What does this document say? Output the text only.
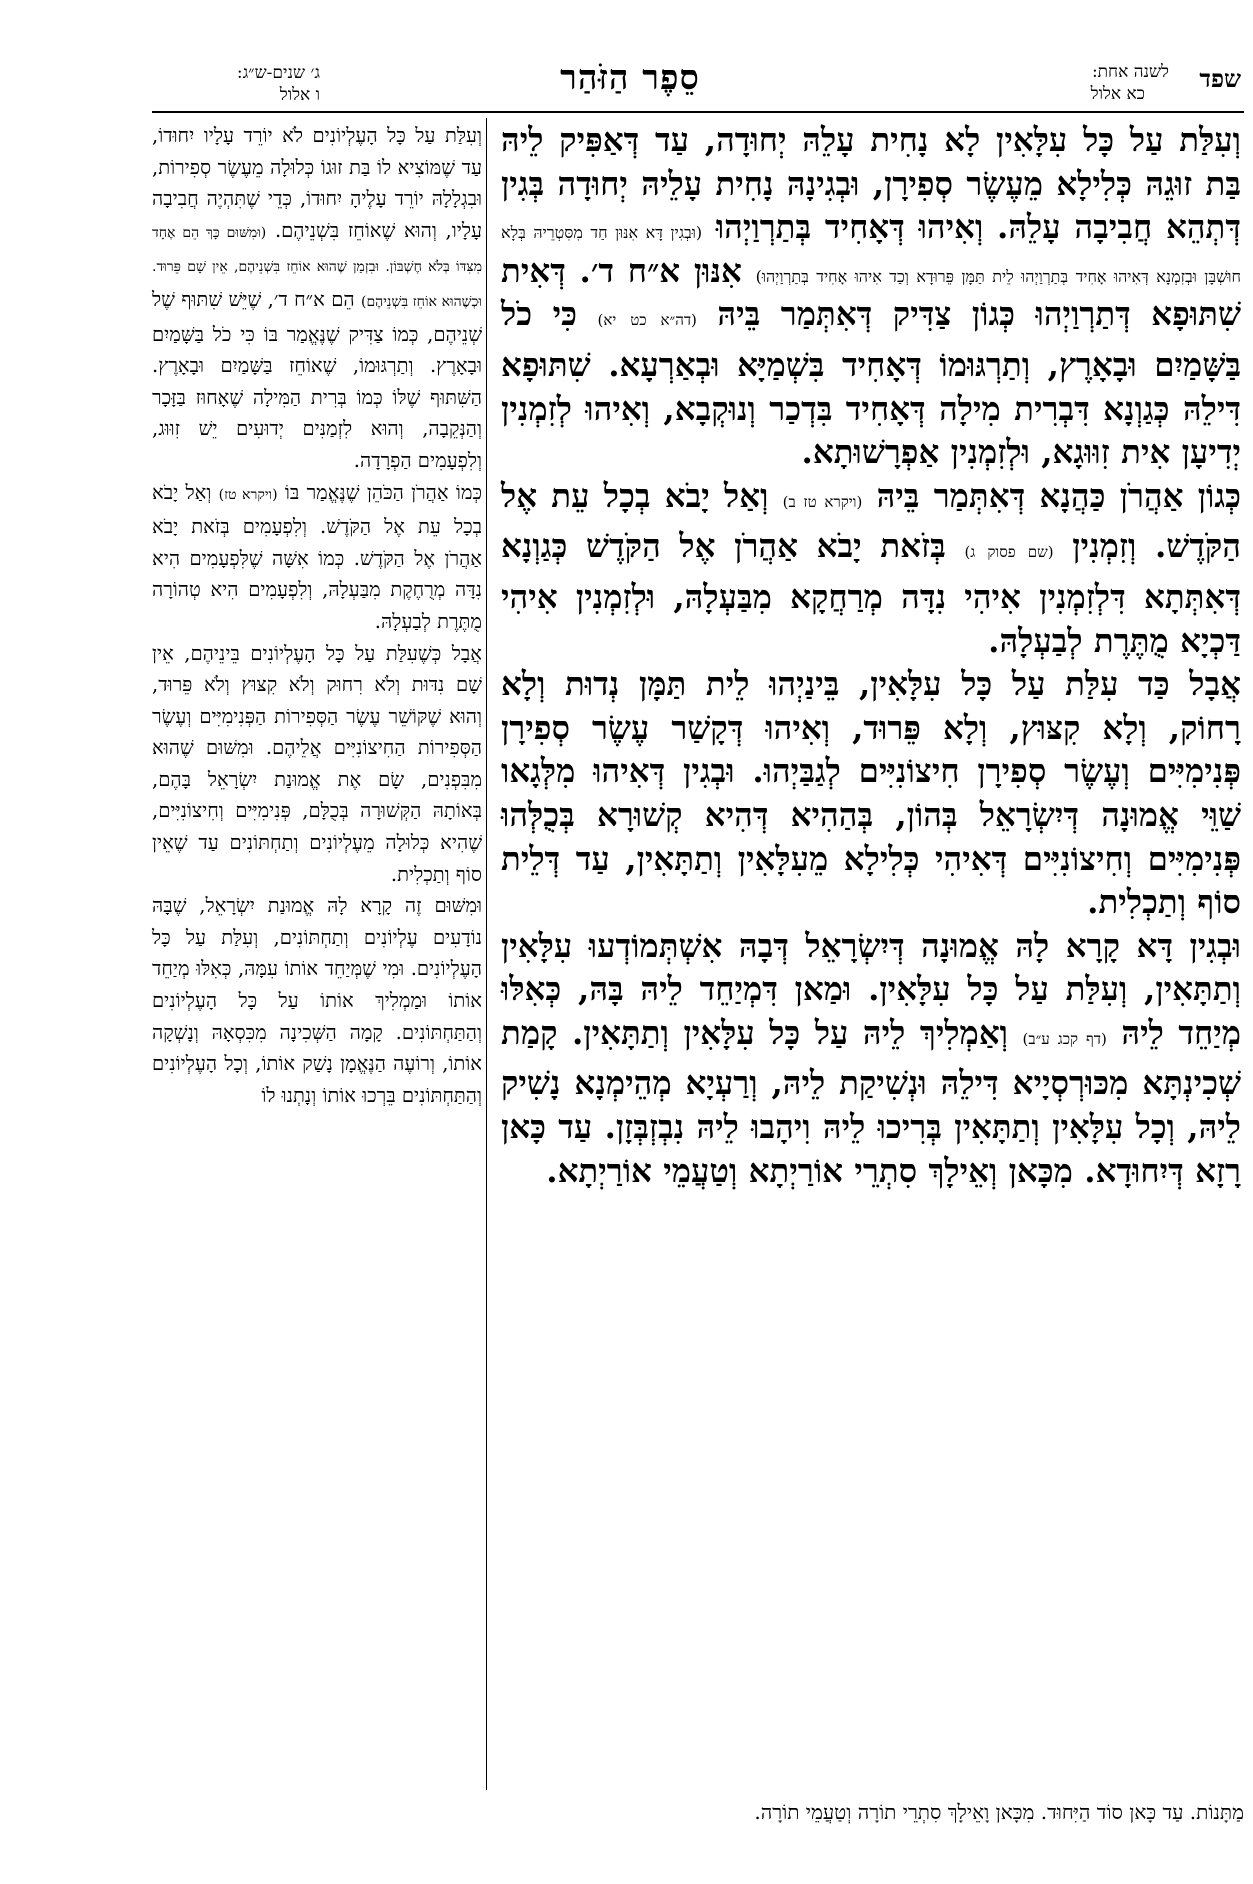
שפד
לשנה אחת:
כא אלול
סֵפֶר הַזֹּהַר
ג׳ שנים-ש״ג:
ו אלול

וְעִלַּת עַל כָּל עִלָּאִין לָא נָחִית עָלֵהּ יְחוּדָה, עַד דְּאַפִּיק לֵיהּ בַּת זוּגֵהּ כְּלִילָא מֵעֶשֶׂר סְפִירָן, וּבְגִינָהּ נָחִית עָלֵיהּ יְחוּדָה בְּגִין דְּתְהֵא חֲבִיבָה עָלֵהּ. וְאִיהוּ דְּאָחִיד בְּתַרְוַיְהוּ (וּבְגִין דָּא אִנּוּן חַד מִסִּטְרֵיהּ בְּלָא חוּשְׁבָּן וּבְזִמְנָא דְּאִיהוּ אָחִיד בְּתַרְוַיְהוּ לֵית תַּמָּן פֵּרוּדָא וְכַד אִיהוּ אָחִיד בְּתַרְוַיְהוּ) אִנּוּן א״ח ד׳. דְּאִית שִׁתּוּפָא דְּתַרְוַיְהוּ כְּגוֹן צַדִּיק דְּאִתְּמַר בֵּיהּ (דה״א כט יא) כִּי כֹל בַּשָּׁמַיִם וּבָאָרֶץ, וְתַרְגּוּמוֹ דְּאָחִיד בִּשְׁמַיָּא וּבְאַרְעָא. שִׁתּוּפָא דִּילֵהּ כְּגַוְנָא דִּבְרִית מִילָה דְּאָחִיד בִּדְכַר וְנוּקְבָא, וְאִיהוּ לְזִמְנִין יְדִיעָן אִית זִוּוּגָא, וּלְזִמְנִין אַפְרָשׁוּתָא.

כְּגוֹן אַהֲרֹן כַּהֲנָא דְּאִתְּמַר בֵּיהּ (ויקרא טז ב) וְאַל יָבֹא בְכָל עֵת אֶל הַקֹּדֶשׁ. וְזִמְנִין (שם פסוק ג) בְּזֹאת יָבֹא אַהֲרֹן אֶל הַקֹּדֶשׁ כְּגַוְנָא דְּאִתְּתָא דִּלְזִמְנִין אִיהִי נִדָּה מְרַחֲקָא מִבַּעְלָהּ, וּלְזִמְנִין אִיהִי דַּכְיָא מֻתֶּרֶת לְבַעְלָהּ.

אֲבָל כַּד עִלַּת עַל כָּל עִלָּאִין, בֵּינַיְהוּ לֵית תַּמָּן נְדוּת וְלָא רָחוֹק, וְלָא קִצּוּץ, וְלָא פֵּרוּד, וְאִיהוּ דְּקָשַׁר עֶשֶׂר סְפִירָן פְּנִימִיִּים וְעֶשֶׂר סְפִירָן חִיצוֹנִיִּים לְגַבַּיְהוּ. וּבְגִין דְּאִיהוּ מִלְּגָאו שַׁוֵּי אֱמוּנָה דְּיִשְׂרָאֵל בְּהוֹן, בְּהַהִיא דְּהִיא קְשׁוּרָא בְּכֻלְּהוּ פְּנִימִיִּים וְחִיצוֹנִיִּים דְּאִיהִי כְּלִילָא מֵעִלָּאִין וְתַתָּאִין, עַד דְּלֵית סוֹף וְתַכְלִית.

וּבְגִין דָּא קָרָא לָהּ אֱמוּנָה דְּיִשְׂרָאֵל דְּבָהּ אִשְׁתְּמוֹדְעוּ עִלָּאִין וְתַתָּאִין, וְעִלַּת עַל כָּל עִלָּאִין. וּמַאן דִּמְיַחֵד לֵיהּ בָּהּ, כְּאִלּוּ מְיַחֵד לֵיהּ (דף קכג ע״ב) וְאַמְלִיךְ לֵיהּ עַל כָּל עִלָּאִין וְתַתָּאִין. קָמַת שְׁכִינְתָּא מִכּוּרְסְיָיא דִּילֵהּ וּנְשִׁיקַת לֵיהּ, וְרַעְיָא מְהֵימְנָא נָשִׁיק לֵיהּ, וְכָל עִלָּאִין וְתַתָּאִין בְּרִיכוּ לֵיהּ וִיהָבוּ לֵיהּ נִבְזְבְּזָן. עַד כָּאן רָזָא דְּיִחוּדָא. מִכָּאן וְאֵילָךְ סִתְרֵי אוֹרַיְתָא וְטַעֲמֵי אוֹרַיְתָא.

וְעִלַּת עַל כָּל הָעֶלְיוֹנִים לֹא יוֹרֵד עָלָיו יִחוּדוֹ, עַד שֶׁמּוֹצִיא לוֹ בַּת זוּגוֹ כְּלוּלָה מֵעֶשֶׂר סְפִירוֹת, וּבִגְלָלָהּ יוֹרֵד עָלֶיהָ יִחוּדוֹ, כְּדֵי שֶׁתִּהְיֶה חֲבִיבָה עָלָיו, וְהוּא שֶׁאוֹחֵז בִּשְׁנֵיהֶם. (וּמִשּׁוּם כָּךְ הֵם אֶחָד מִצִּדּוֹ בְּלֹא חֶשְׁבּוֹן. וּבִזְמַן שֶׁהוּא אוֹחֵז בִּשְׁנֵיהֶם, אֵין שָׁם פֵּרוּד. וּכְשֶׁהוּא אוֹחֵז בִּשְׁנֵיהֶם) הֵם א״ח ד׳, שֶׁיֵּשׁ שִׁתּוּף שֶׁל שְׁנֵיהֶם, כְּמוֹ צַדִּיק שֶׁנֶּאֱמַר בּוֹ כִּי כֹל בַּשָּׁמַיִם וּבָאָרֶץ. וְתַרְגּוּמוֹ, שֶׁאוֹחֵז בַּשָּׁמַיִם וּבָאָרֶץ. הַשִּׁתּוּף שֶׁלּוֹ כְּמוֹ בְּרִית הַמִּילָה שֶׁאָחוּז בַּזָּכָר וְהַנְּקֵבָה, וְהוּא לִזְמַנִּים יְדוּעִים יֵשׁ זִוּוּג, וְלִפְעָמִים הַפְרָדָה.

כְּמוֹ אַהֲרֹן הַכֹּהֵן שֶׁנֶּאֱמַר בּוֹ (ויקרא טז) וְאַל יָבֹא בְכָל עֵת אֶל הַקֹּדֶשׁ. וְלִפְעָמִים בְּזֹאת יָבֹא אַהֲרֹן אֶל הַקֹּדֶשׁ. כְּמוֹ אִשָּׁה שֶׁלִּפְעָמִים הִיא נִדָּה מְרֻחֶקֶת מִבַּעְלָהּ, וְלִפְעָמִים הִיא טְהוֹרָה מֻתֶּרֶת לְבַעְלָהּ.

אֲבָל כְּשֶׁעִלַּת עַל כָּל הָעֶלְיוֹנִים בֵּינֵיהֶם, אֵין שָׁם נִדּוּת וְלֹא רִחוּק וְלֹא קִצּוּץ וְלֹא פֵּרוּד, וְהוּא שֶׁקּוֹשֵׁר עֶשֶׂר הַסְּפִירוֹת הַפְּנִימִיִּים וְעֶשֶׂר הַסְּפִירוֹת הַחִיצוֹנִיִּים אֲלֵיהֶם. וּמִשּׁוּם שֶׁהוּא מִבִּפְנִים, שָׂם אֶת אֱמוּנַת יִשְׂרָאֵל בָּהֶם, בְּאוֹתָהּ הַקְּשׁוּרָה בְּכֻלָּם, פְּנִימִיִּים וְחִיצוֹנִיִּים, שֶׁהִיא כְּלוּלָה מֵעֶלְיוֹנִים וְתַחְתּוֹנִים עַד שֶׁאֵין סוֹף וְתַכְלִית.

וּמִשּׁוּם זֶה קָרָא לָהּ אֱמוּנַת יִשְׂרָאֵל, שֶׁבָּהּ נוֹדָעִים עֶלְיוֹנִים וְתַחְתּוֹנִים, וְעִלַּת עַל כָּל הָעֶלְיוֹנִים. וּמִי שֶׁמְּיַחֵד אוֹתוֹ עִמָּהּ, כְּאִלּוּ מְיַחֵד אוֹתוֹ וּמַמְלִיךְ אוֹתוֹ עַל כָּל הָעֶלְיוֹנִים וְהַתַּחְתּוֹנִים. קָמָה הַשְּׁכִינָה מִכִּסְאָהּ וְנָשְׁקָה אוֹתוֹ, וְרוֹעֶה הַנֶּאֱמָן נָשַׁק אוֹתוֹ, וְכָל הָעֶלְיוֹנִים וְהַתַּחְתּוֹנִים בֵּרְכוּ אוֹתוֹ וְנָתְנוּ לוֹ

מַתָּנוֹת. עַד כָּאן סוֹד הַיִּחוּד. מִכָּאן וָאֵילָךְ סִתְרֵי תוֹרָה וְטַעֲמֵי תוֹרָה.
